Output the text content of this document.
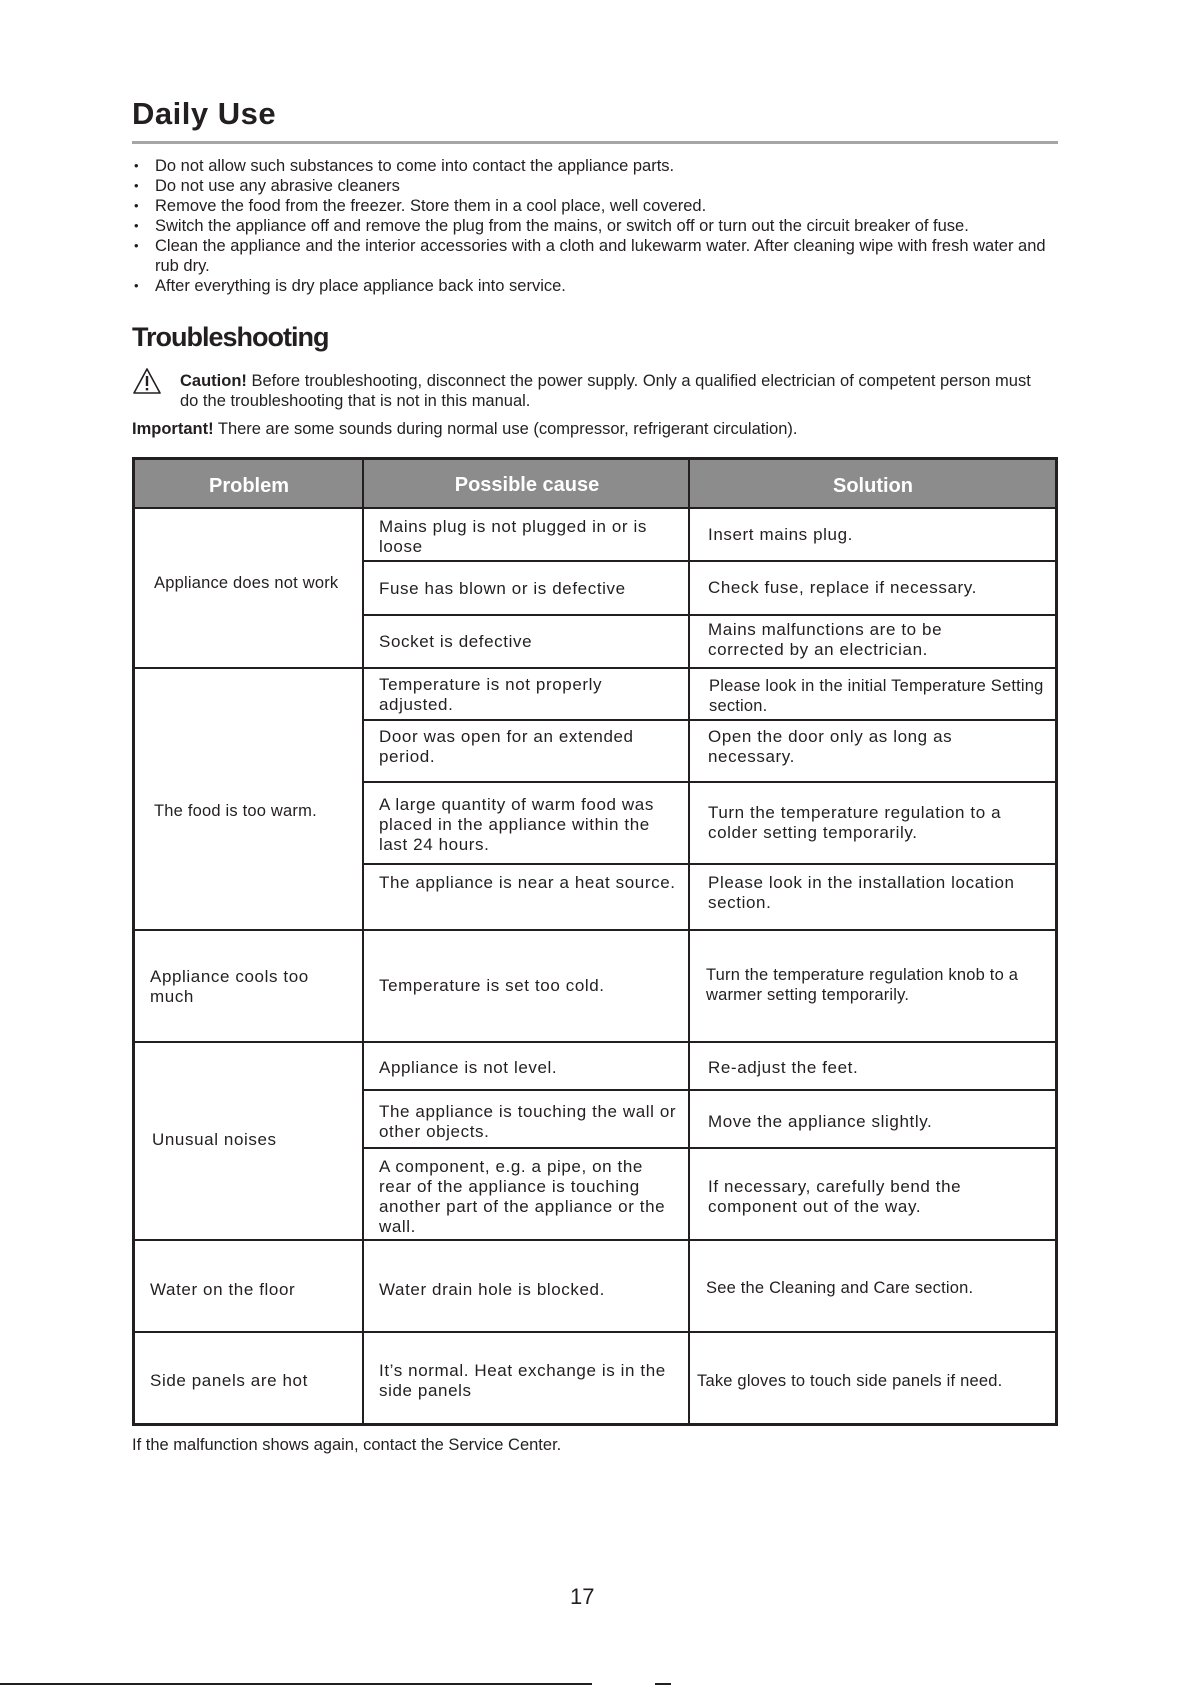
Daily Use
• Do not allow such substances to come into contact the appliance parts.
• Do not use any abrasive cleaners
• Remove the food from the freezer. Store them in a cool place, well covered.
• Switch the appliance off and remove the plug from the mains, or switch off or turn out the circuit breaker of fuse.
• Clean the appliance and the interior accessories with a cloth and lukewarm water. After cleaning wipe with fresh water and rub dry.
• After everything is dry place appliance back into service.
Troubleshooting
Caution! Before troubleshooting, disconnect the power supply. Only a qualified electrician of competent person must do the troubleshooting that is not in this manual.
Important! There are some sounds during normal use (compressor, refrigerant circulation).
Problem	Possible cause	Solution
Appliance does not work
The food is too warm.
Appliance cools too much
Unusual noises
Water on the floor
Side panels are hot
Mains plug is not plugged in or is loose
Fuse has blown or is defective
Socket is defective
Temperature is not properly adjusted.
Door was open for an extended period.
A large quantity of warm food was placed in the appliance within the last 24 hours.
The appliance is near a heat source.
Temperature is set too cold.
Appliance is not level.
The appliance is touching the wall or other objects.
A component, e.g. a pipe, on the rear of the appliance is touching another part of the appliance or the wall.
Water drain hole is blocked.
It’s normal. Heat exchange is in the side panels
Insert mains plug.
Check fuse, replace if necessary.
Mains malfunctions are to be corrected by an electrician.
Please look in the initial Temperature Setting section.
Open the door only as long as necessary.
Turn the temperature regulation to a colder setting temporarily.
Please look in the installation location section.
Turn the temperature regulation knob to a warmer setting temporarily.
Re-adjust the feet.
Move the appliance slightly.
If necessary, carefully bend the component out of the way.
See the Cleaning and Care section.
Take gloves to touch side panels if need.
If the malfunction shows again, contact the Service Center.
17
